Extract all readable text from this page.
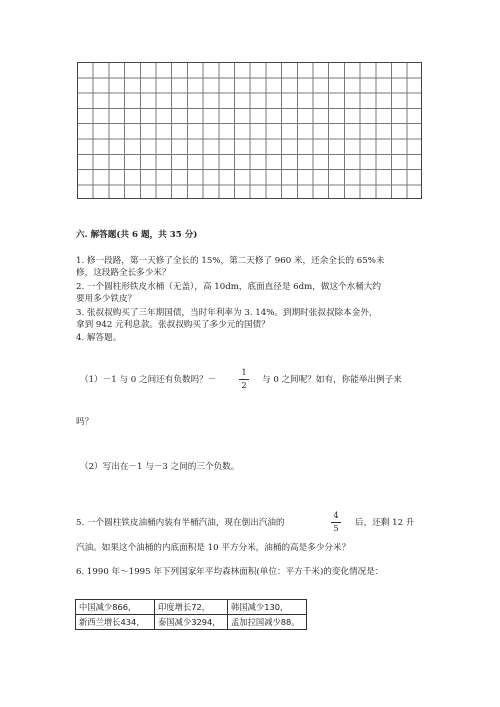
六. 解答题(共 6 题，共 35 分)
1. 修一段路，第一天修了全长的 15%，第二天修了 960 米，还余全长的 65%未
修，这段路全长多少米？
2. 一个圆柱形铁皮水桶（无盖），高 10dm，底面直径是 6dm，做这个水桶大约
要用多少铁皮？
3. 张叔叔购买了三年期国债，当时年利率为 3. 14%。到期时张叔叔除本金外，
拿到 942 元利息款。张叔叔购买了多少元的国债？
4. 解答题。
（1）－1 与 0 之间还有负数吗？－
1
2
与 0 之间呢？如有，你能举出例子来
吗？
（2）写出在－1 与－3 之间的三个负数。
5. 一个圆柱铁皮油桶内装有半桶汽油，现在倒出汽油的
4
5
后，还剩 12 升
汽油。如果这个油桶的内底面积是 10 平方分米，油桶的高是多少分米？
6. 1990 年～1995 年下列国家年平均森林面积(单位：平方千米)的变化情况是：
中国减少866，	印度增长72，	韩国减少130，
新西兰增长434，	泰国减少3294，	孟加拉国减少88。
